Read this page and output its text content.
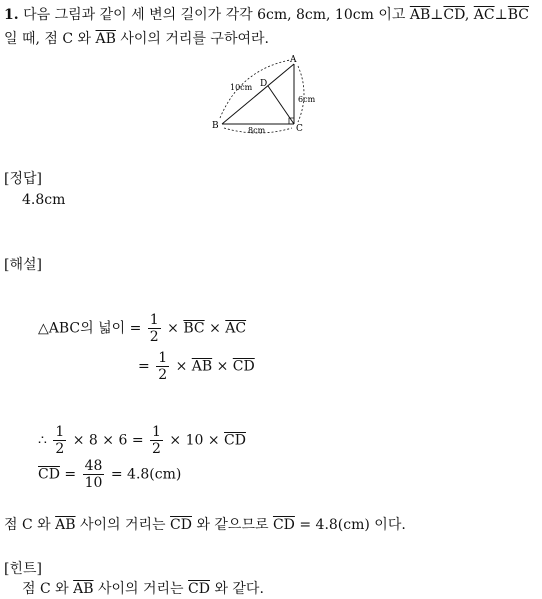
1. 다음 그림과 같이 세 변의 길이가 각각 6cm, 8cm, 10cm 이고 $\overline{AB}\perp\overline{CD}$, $\overline{AC}\perp\overline{BC}$
일 때, 점 C 와 $\overline{AB}$ 사이의 거리를 구하여라.
A
B	C
D
10cm
8cm
6cm
[정답]
4.8cm
[해설]
△ABC의 넓이 = $\frac{1}{2} \times \overline{BC} \times \overline{AC}$
= $\frac{1}{2} \times \overline{AB} \times \overline{CD}$
∴ $\frac{1}{2} \times 8 \times 6 = \frac{1}{2} \times 10 \times \overline{CD}$
$\overline{CD} = \frac{48}{10} = 4.8(cm)$
점 C 와 $\overline{AB}$ 사이의 거리는 $\overline{CD}$ 와 같으므로 $\overline{CD} = 4.8(cm)$ 이다.
[힌트]
점 C 와 $\overline{AB}$ 사이의 거리는 $\overline{CD}$ 와 같다.
